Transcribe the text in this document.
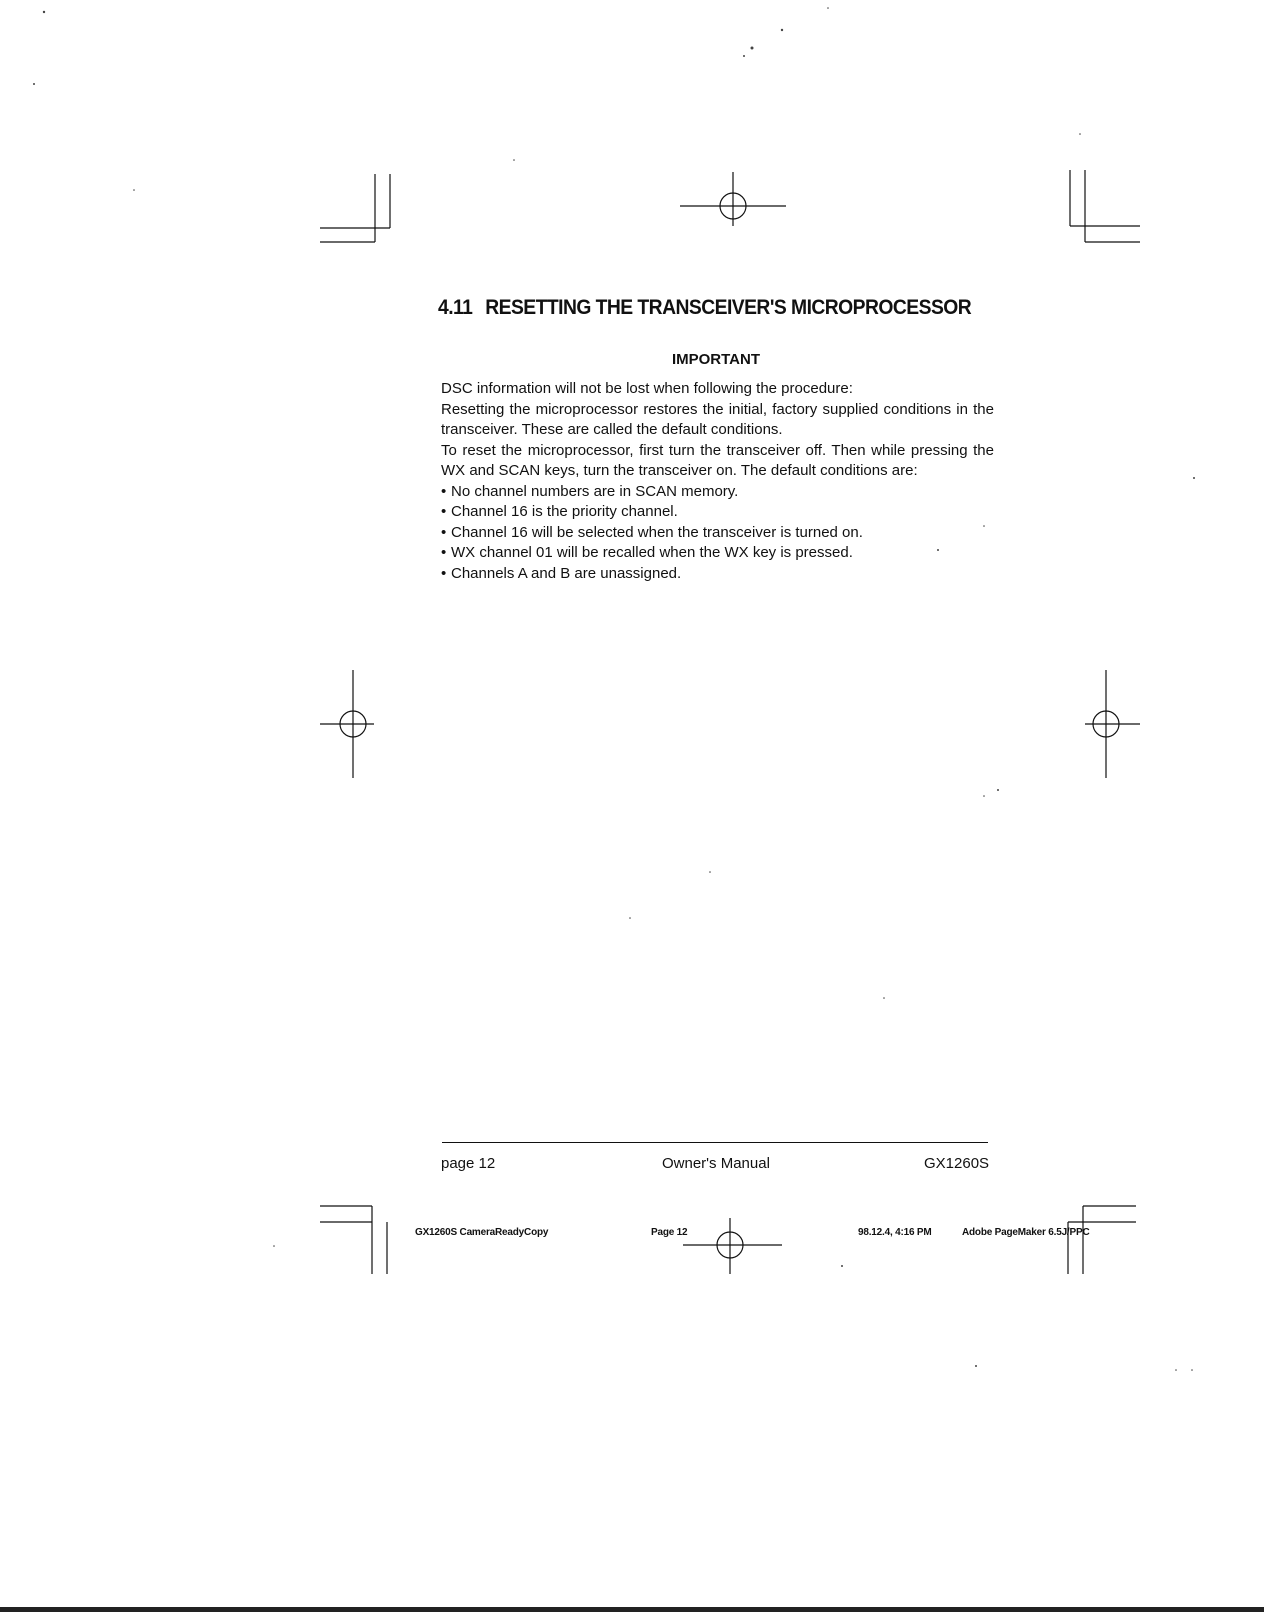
4.11 RESETTING THE TRANSCEIVER'S MICROPROCESSOR
IMPORTANT

DSC information will not be lost when following the procedure:

Resetting the microprocessor restores the initial, factory supplied conditions in the transceiver. These are called the default conditions.

To reset the microprocessor, first turn the transceiver off. Then while pressing the WX and SCAN keys, turn the transceiver on. The default conditions are:

• No channel numbers are in SCAN memory.
• Channel 16 is the priority channel.
• Channel 16 will be selected when the transceiver is turned on.
• WX channel 01 will be recalled when the WX key is pressed.
• Channels A and B are unassigned.
page 12	Owner's Manual	GX1260S
GX1260S CameraReadyCopy	Page 12	98.12.4, 4:16 PM	Adobe PageMaker 6.5J/PPC
